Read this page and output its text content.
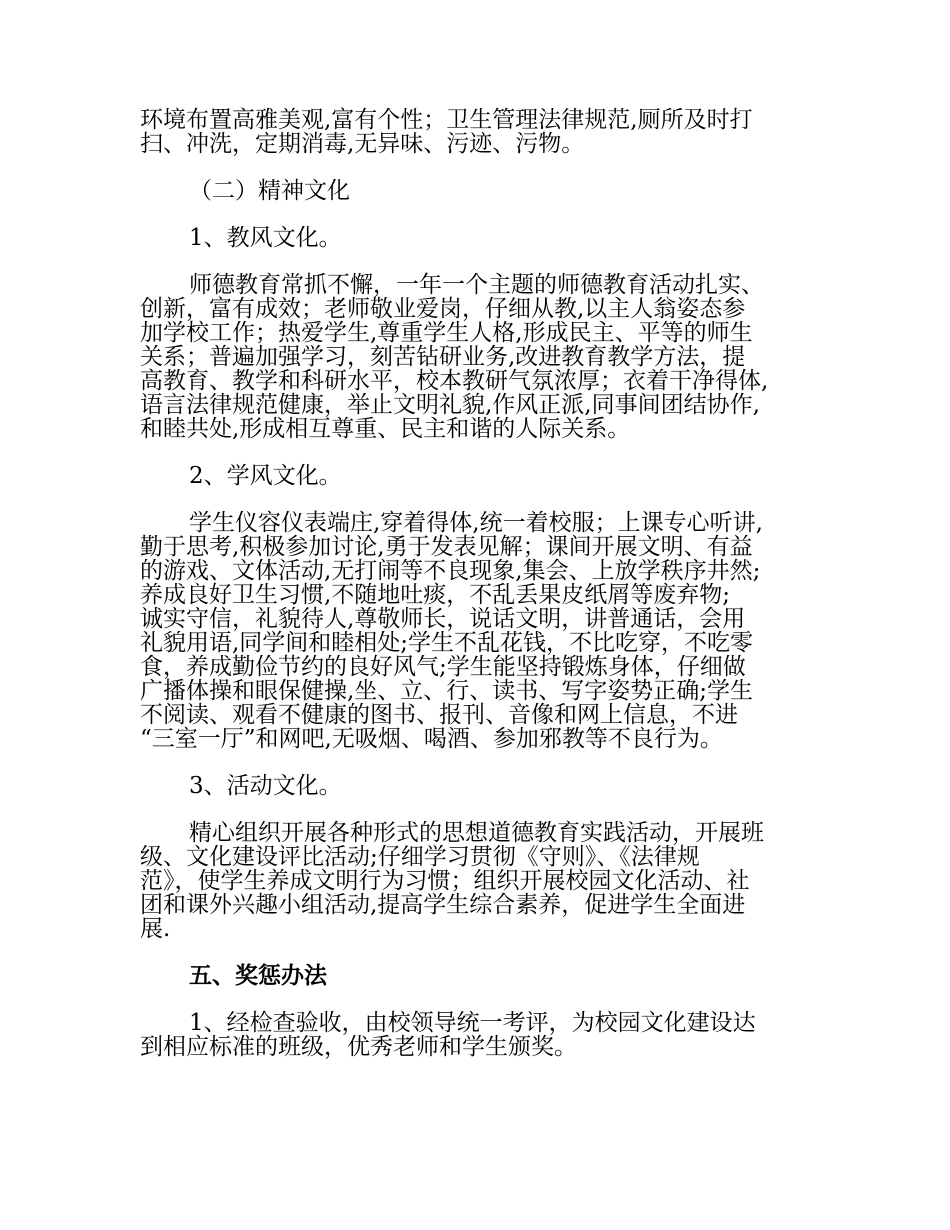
环境布置高雅美观,富有个性；卫生管理法律规范,厕所及时打
扫、冲洗，定期消毒,无异味、污迹、污物。
（二）精神文化
1、教风文化。
师德教育常抓不懈，一年一个主题的师德教育活动扎实、
创新，富有成效；老师敬业爱岗，仔细从教,以主人翁姿态参
加学校工作；热爱学生,尊重学生人格,形成民主、平等的师生
关系；普遍加强学习，刻苦钻研业务,改进教育教学方法，提
高教育、教学和科研水平，校本教研气氛浓厚；衣着干净得体,
语言法律规范健康，举止文明礼貌,作风正派,同事间团结协作,
和睦共处,形成相互尊重、民主和谐的人际关系。
2、学风文化。
学生仪容仪表端庄,穿着得体,统一着校服；上课专心听讲,
勤于思考,积极参加讨论,勇于发表见解；课间开展文明、有益
的游戏、文体活动,无打闹等不良现象,集会、上放学秩序井然;
养成良好卫生习惯,不随地吐痰，不乱丢果皮纸屑等废弃物;
诚实守信，礼貌待人,尊敬师长，说话文明，讲普通话，会用
礼貌用语,同学间和睦相处;学生不乱花钱，不比吃穿，不吃零
食，养成勤俭节约的良好风气;学生能坚持锻炼身体，仔细做
广播体操和眼保健操,坐、立、行、读书、写字姿势正确;学生
不阅读、观看不健康的图书、报刊、音像和网上信息，不进
“三室一厅”和网吧,无吸烟、喝酒、参加邪教等不良行为。
3、活动文化。
精心组织开展各种形式的思想道德教育实践活动，开展班
级、文化建设评比活动;仔细学习贯彻《守则》、《法律规
范》，使学生养成文明行为习惯；组织开展校园文化活动、社
团和课外兴趣小组活动,提高学生综合素养，促进学生全面进
展.
五、奖惩办法
1、经检查验收，由校领导统一考评，为校园文化建设达
到相应标准的班级，优秀老师和学生颁奖。
